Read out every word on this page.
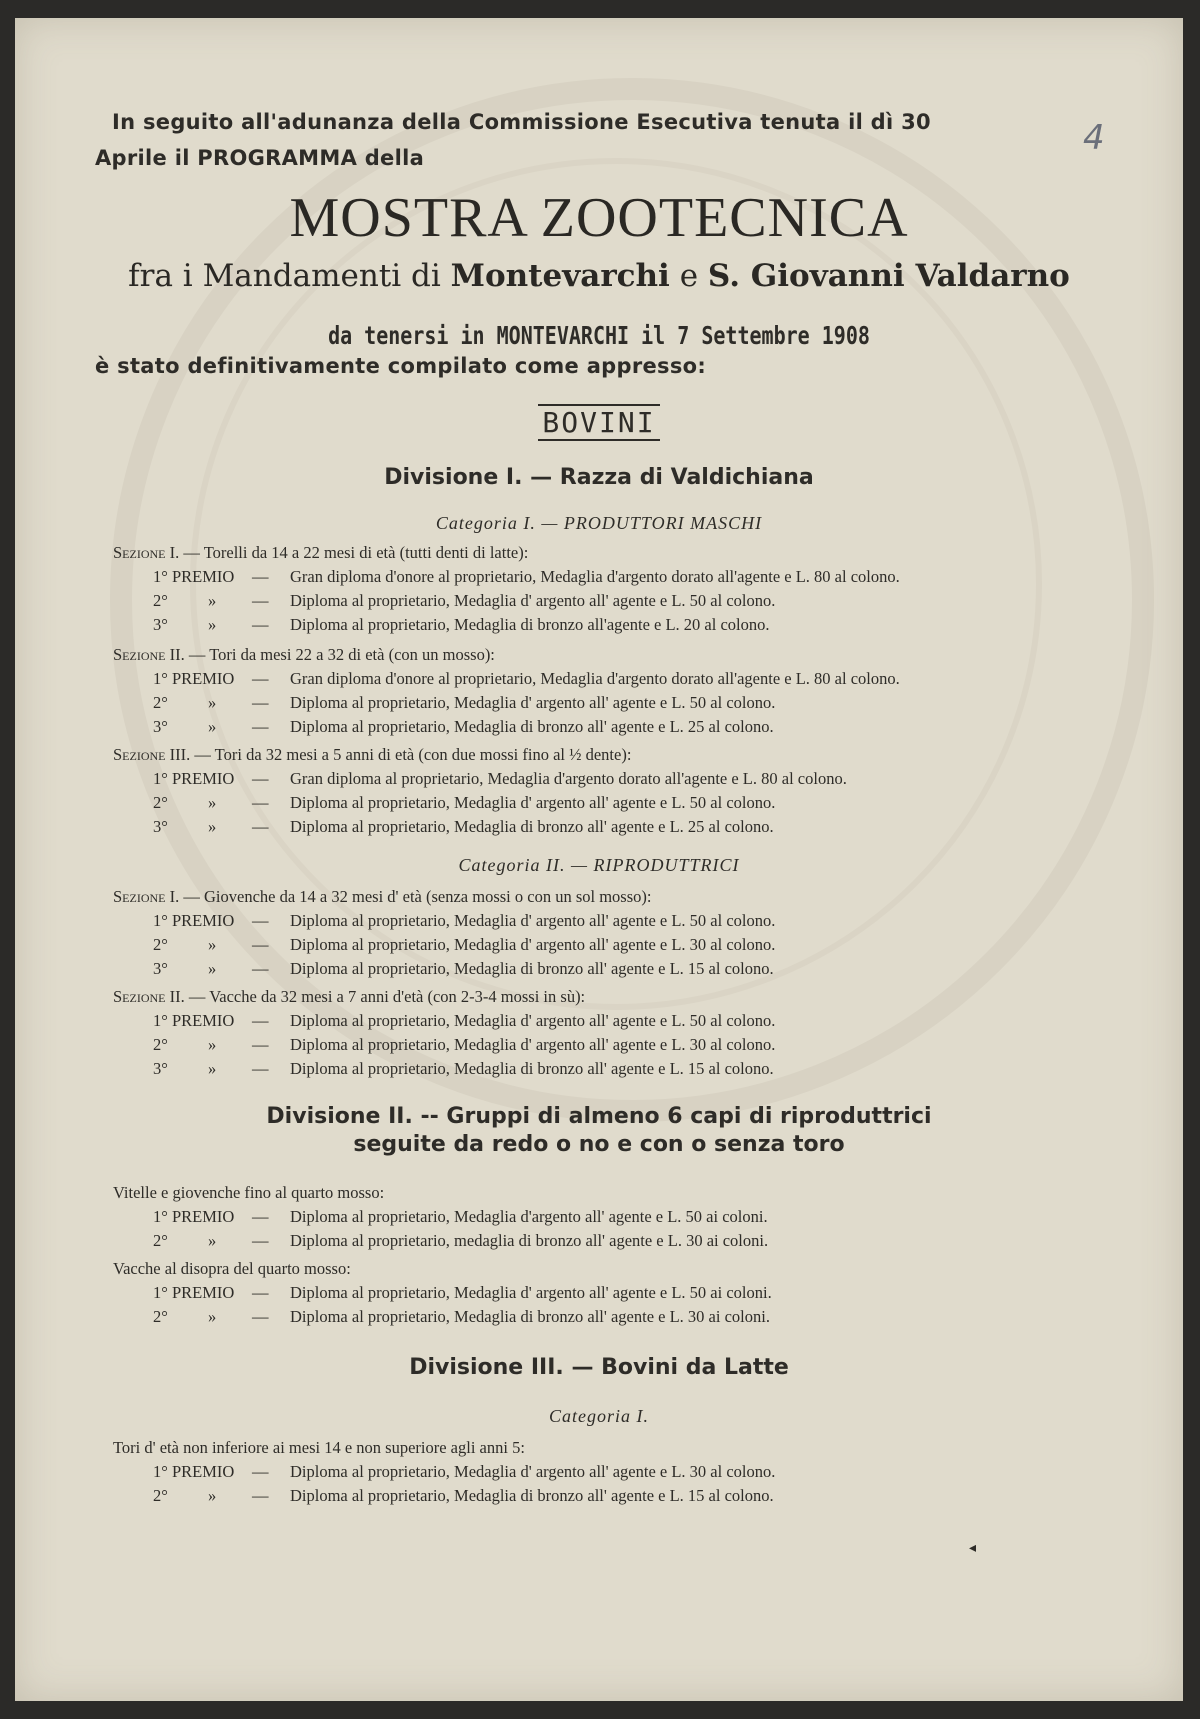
4
In seguito all'adunanza della Commissione Esecutiva tenuta il dì 30
Aprile il PROGRAMMA della
MOSTRA ZOOTECNICA
fra i Mandamenti di Montevarchi e S. Giovanni Valdarno
da tenersi in MONTEVARCHI il 7 Settembre 1908
è stato definitivamente compilato come appresso:
BOVINI
Divisione I. — Razza di Valdichiana
Categoria I. — PRODUTTORI MASCHI
Sezione I. — Torelli da 14 a 22 mesi di età (tutti denti di latte):
1° PREMIO — Gran diploma d'onore al proprietario, Medaglia d'argento dorato all'agente e L. 80 al colono.
2° » — Diploma al proprietario, Medaglia d' argento all' agente e L. 50 al colono.
3° » — Diploma al proprietario, Medaglia di bronzo all'agente e L. 20 al colono.
Sezione II. — Tori da mesi 22 a 32 di età (con un mosso):
1° PREMIO — Gran diploma d'onore al proprietario, Medaglia d'argento dorato all'agente e L. 80 al colono.
2° » — Diploma al proprietario, Medaglia d' argento all' agente e L. 50 al colono.
3° » — Diploma al proprietario, Medaglia di bronzo all' agente e L. 25 al colono.
Sezione III. — Tori da 32 mesi a 5 anni di età (con due mossi fino al ½ dente):
1° PREMIO — Gran diploma al proprietario, Medaglia d'argento dorato all'agente e L. 80 al colono.
2° » — Diploma al proprietario, Medaglia d' argento all' agente e L. 50 al colono.
3° » — Diploma al proprietario, Medaglia di bronzo all' agente e L. 25 al colono.
Categoria II. — RIPRODUTTRICI
Sezione I. — Giovenche da 14 a 32 mesi d' età (senza mossi o con un sol mosso):
1° PREMIO — Diploma al proprietario, Medaglia d' argento all' agente e L. 50 al colono.
2° » — Diploma al proprietario, Medaglia d' argento all' agente e L. 30 al colono.
3° » — Diploma al proprietario, Medaglia di bronzo all' agente e L. 15 al colono.
Sezione II. — Vacche da 32 mesi a 7 anni d'età (con 2-3-4 mossi in sù):
1° PREMIO — Diploma al proprietario, Medaglia d' argento all' agente e L. 50 al colono.
2° » — Diploma al proprietario, Medaglia d' argento all' agente e L. 30 al colono.
3° » — Diploma al proprietario, Medaglia di bronzo all' agente e L. 15 al colono.
Divisione II. -- Gruppi di almeno 6 capi di riproduttrici
seguite da redo o no e con o senza toro
Vitelle e giovenche fino al quarto mosso:
1° PREMIO — Diploma al proprietario, Medaglia d'argento all' agente e L. 50 ai coloni.
2° » — Diploma al proprietario, medaglia di bronzo all' agente e L. 30 ai coloni.
Vacche al disopra del quarto mosso:
1° PREMIO — Diploma al proprietario, Medaglia d' argento all' agente e L. 50 ai coloni.
2° » — Diploma al proprietario, Medaglia di bronzo all' agente e L. 30 ai coloni.
Divisione III. — Bovini da Latte
Categoria I.
Tori d' età non inferiore ai mesi 14 e non superiore agli anni 5:
1° PREMIO — Diploma al proprietario, Medaglia d' argento all' agente e L. 30 al colono.
2° » — Diploma al proprietario, Medaglia di bronzo all' agente e L. 15 al colono.
◂
